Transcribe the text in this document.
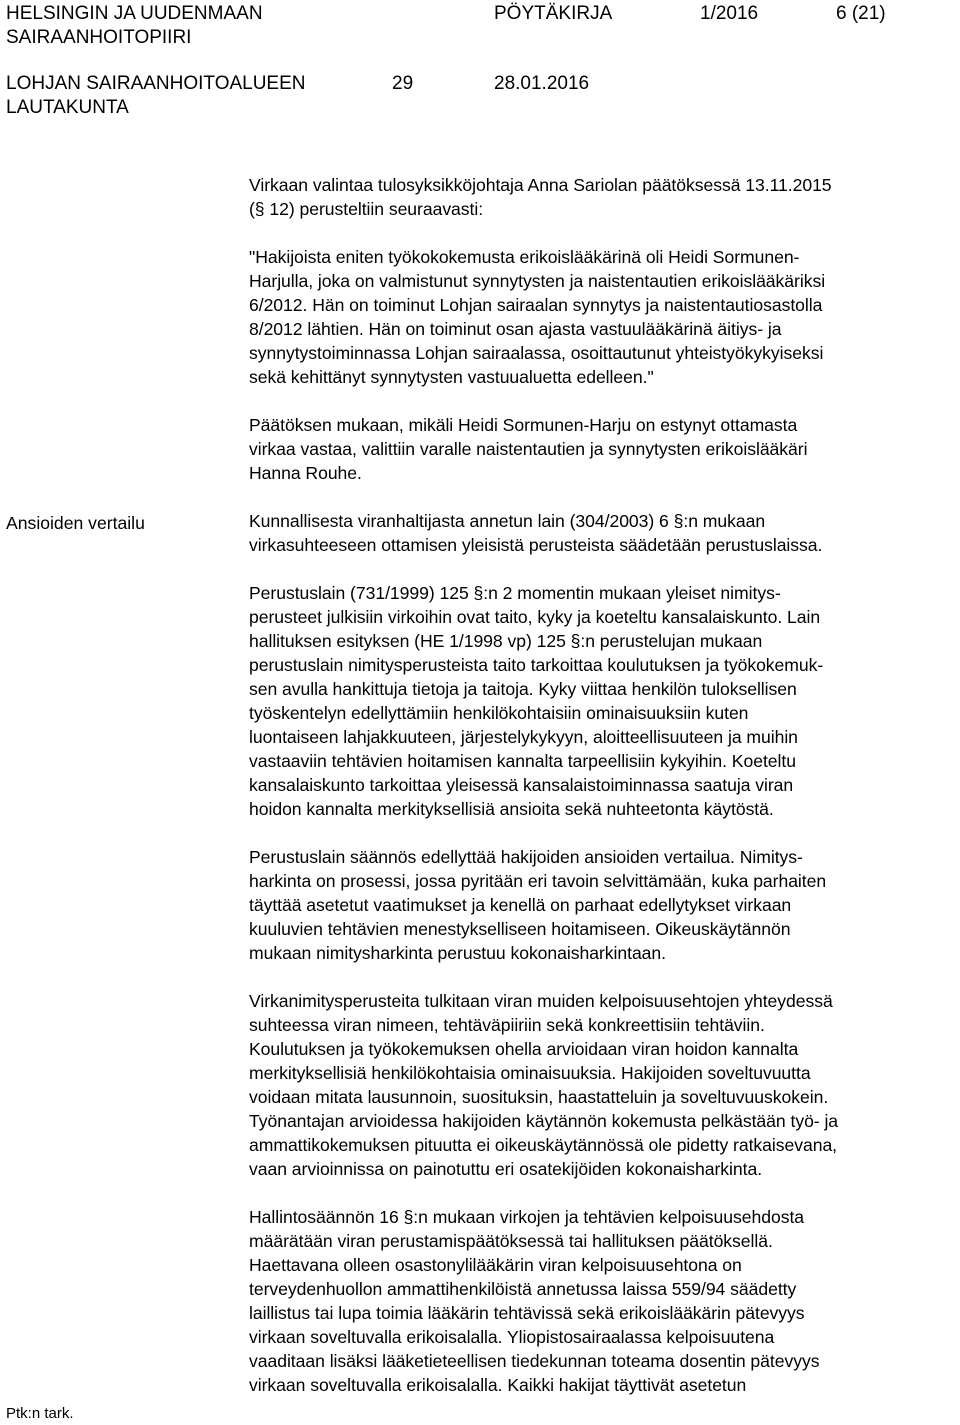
HELSINGIN JA UUDENMAAN
SAIRAANHOITOPIIRI
PÖYTÄKIRJA	1/2016	6 (21)
LOHJAN SAIRAANHOITOALUEEN
LAUTAKUNTA
29	28.01.2016
Ansioiden vertailu
Virkaan valintaa tulosyksikköjohtaja Anna Sariolan päätöksessä 13.11.2015
(§ 12) perusteltiin seuraavasti:
"Hakijoista eniten työkokokemusta erikoislääkärinä oli Heidi Sormunen-
Harjulla, joka on valmistunut synnytysten ja naistentautien erikoislääkäriksi
6/2012. Hän on toiminut Lohjan sairaalan synnytys ja naistentautiosastolla
8/2012 lähtien. Hän on toiminut osan ajasta vastuulääkärinä äitiys- ja
synnytystoiminnassa Lohjan sairaalassa, osoittautunut yhteistyökykyiseksi
sekä kehittänyt synnytysten vastuualuetta edelleen."
Päätöksen mukaan, mikäli Heidi Sormunen-Harju on estynyt ottamasta
virkaa vastaa, valittiin varalle naistentautien ja synnytysten erikoislääkäri
Hanna Rouhe.
Kunnallisesta viranhaltijasta annetun lain (304/2003) 6 §:n mukaan
virkasuhteeseen ottamisen yleisistä perusteista säädetään perustuslaissa.
Perustuslain (731/1999) 125 §:n 2 momentin mukaan yleiset nimitys-
perusteet julkisiin virkoihin ovat taito, kyky ja koeteltu kansalaiskunto. Lain
hallituksen esityksen (HE 1/1998 vp) 125 §:n perustelujan mukaan
perustuslain nimitysperusteista taito tarkoittaa koulutuksen ja työkokemuk-
sen avulla hankittuja tietoja ja taitoja. Kyky viittaa henkilön tuloksellisen
työskentelyn edellyttämiin henkilökohtaisiin ominaisuuksiin kuten
luontaiseen lahjakkuuteen, järjestelykykyyn, aloitteellisuuteen ja muihin
vastaaviin tehtävien hoitamisen kannalta tarpeellisiin kykyihin. Koeteltu
kansalaiskunto tarkoittaa yleisessä kansalaistoiminnassa saatuja viran
hoidon kannalta merkityksellisiä ansioita sekä nuhteetonta käytöstä.
Perustuslain säännös edellyttää hakijoiden ansioiden vertailua. Nimitys-
harkinta on prosessi, jossa pyritään eri tavoin selvittämään, kuka parhaiten
täyttää asetetut vaatimukset ja kenellä on parhaat edellytykset virkaan
kuuluvien tehtävien menestykselliseen hoitamiseen. Oikeuskäytännön
mukaan nimitysharkinta perustuu kokonaisharkintaan.
Virkanimitysperusteita tulkitaan viran muiden kelpoisuusehtojen yhteydessä
suhteessa viran nimeen, tehtäväpiiriin sekä konkreettisiin tehtäviin.
Koulutuksen ja työkokemuksen ohella arvioidaan viran hoidon kannalta
merkityksellisiä henkilökohtaisia ominaisuuksia. Hakijoiden soveltuvuutta
voidaan mitata lausunnoin, suosituksin, haastatteluin ja soveltuvuuskokein.
Työnantajan arvioidessa hakijoiden käytännön kokemusta pelkästään työ- ja
ammattikokemuksen pituutta ei oikeuskäytännössä ole pidetty ratkaisevana,
vaan arvioinnissa on painotuttu eri osatekijöiden kokonaisharkinta.
Hallintosäännön 16 §:n mukaan virkojen ja tehtävien kelpoisuusehdosta
määrätään viran perustamispäätöksessä tai hallituksen päätöksellä.
Haettavana olleen osastonylilääkärin viran kelpoisuusehtona on
terveydenhuollon ammattihenkilöistä annetussa laissa 559/94 säädetty
laillistus tai lupa toimia lääkärin tehtävissä sekä erikoislääkärin pätevyys
virkaan soveltuvalla erikoisalalla. Yliopistosairaalassa kelpoisuutena
vaaditaan lisäksi lääketieteellisen tiedekunnan toteama dosentin pätevyys
virkaan soveltuvalla erikoisalalla. Kaikki hakijat täyttivät asetetun
Ptk:n tark.
